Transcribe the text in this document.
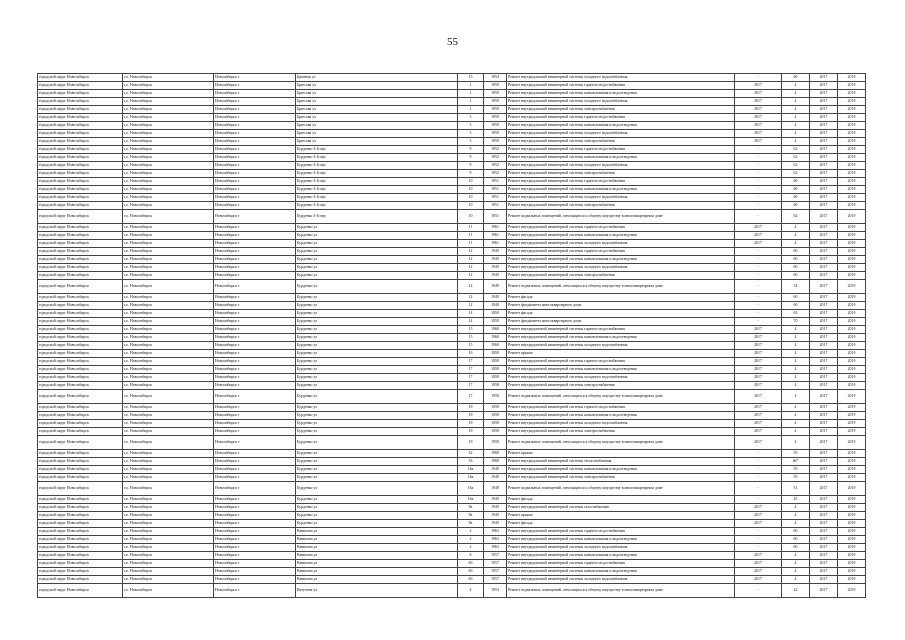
55
городской округ Новосибирск	г.о. Новосибирск	Новосибирск г	Бронная ул	15	1954	Ремонт внутридомовой инженерной системы холодного водоснабжения	-	60	2017	2019
городской округ Новосибирск	г.о. Новосибирск	Новосибирск г	Брюсова ул	1	1959	Ремонт внутридомовой инженерной системы горячего водоснабжения	2017	4	2017	2019
городской округ Новосибирск	г.о. Новосибирск	Новосибирск г	Брюсова ул	1	1959	Ремонт внутридомовой инженерной системы канализования и водоотведения	2017	4	2017	2019
городской округ Новосибирск	г.о. Новосибирск	Новосибирск г	Брюсова ул	1	1959	Ремонт внутридомовой инженерной системы холодного водоснабжения	2017	4	2017	2019
городской округ Новосибирск	г.о. Новосибирск	Новосибирск г	Брюсова ул	1	1959	Ремонт внутридомовой инженерной системы электроснабжения	2017	4	2017	2019
городской округ Новосибирск	г.о. Новосибирск	Новосибирск г	Брюсова ул	3	1959	Ремонт внутридомовой инженерной системы горячего водоснабжения	2017	4	2017	2019
городской округ Новосибирск	г.о. Новосибирск	Новосибирск г	Брюсова ул	3	1959	Ремонт внутридомовой инженерной системы канализования и водоотведения	2017	4	2017	2019
городской округ Новосибирск	г.о. Новосибирск	Новосибирск г	Брюсова ул	3	1959	Ремонт внутридомовой инженерной системы холодного водоснабжения	2017	4	2017	2019
городской округ Новосибирск	г.о. Новосибирск	Новосибирск г	Брюсова ул	3	1959	Ремонт внутридомовой инженерной системы электроснабжения	2017	4	2017	2019
городской округ Новосибирск	г.о. Новосибирск	Новосибирск г	Бурденко 3-й пер	9	1952	Ремонт внутридомовой инженерной системы горячего водоснабжения	-	62	2017	2019
городской округ Новосибирск	г.о. Новосибирск	Новосибирск г	Бурденко 3-й пер	9	1952	Ремонт внутридомовой инженерной системы канализования и водоотведения	-	62	2017	2019
городской округ Новосибирск	г.о. Новосибирск	Новосибирск г	Бурденко 3-й пер	9	1952	Ремонт внутридомовой инженерной системы холодного водоснабжения	-	62	2017	2019
городской округ Новосибирск	г.о. Новосибирск	Новосибирск г	Бурденко 3-й пер	9	1952	Ремонт внутридомовой инженерной системы электроснабжения	-	62	2017	2019
городской округ Новосибирск	г.о. Новосибирск	Новосибирск г	Бурденко 3-й пер	10	1951	Ремонт внутридомовой инженерной системы горячего водоснабжения	-	60	2017	2019
городской округ Новосибирск	г.о. Новосибирск	Новосибирск г	Бурденко 3-й пер	10	1951	Ремонт внутридомовой инженерной системы канализования и водоотведения	-	60	2017	2019
городской округ Новосибирск	г.о. Новосибирск	Новосибирск г	Бурденко 3-й пер	10	1951	Ремонт внутридомовой инженерной системы холодного водоснабжения	-	60	2017	2019
городской округ Новосибирск	г.о. Новосибирск	Новосибирск г	Бурденко 3-й пер	10	1951	Ремонт внутридомовой инженерной системы электроснабжения	-	60	2017	2019
городской округ Новосибирск	г.о. Новосибирск	Новосибирск г	Бурденко 3-й пер	10	1951	Ремонт подвальных помещений, относящихся к общему имуществу в многоквартирном доме	-	62	2017	2019
городской округ Новосибирск	г.о. Новосибирск	Новосибирск г	Бурденко ул	11	1961	Ремонт внутридомовой инженерной системы горячего водоснабжения	2017	4	2017	2019
городской округ Новосибирск	г.о. Новосибирск	Новосибирск г	Бурденко ул	11	1961	Ремонт внутридомовой инженерной системы канализования и водоотведения	2017	4	2017	2019
городской округ Новосибирск	г.о. Новосибирск	Новосибирск г	Бурденко ул	11	1961	Ремонт внутридомовой инженерной системы холодного водоснабжения	2017	4	2017	2019
городской округ Новосибирск	г.о. Новосибирск	Новосибирск г	Бурденко ул	12	1949	Ремонт внутридомовой инженерной системы горячего водоснабжения	-	60	2017	2019
городской округ Новосибирск	г.о. Новосибирск	Новосибирск г	Бурденко ул	12	1949	Ремонт внутридомовой инженерной системы канализования и водоотведения	-	60	2017	2019
городской округ Новосибирск	г.о. Новосибирск	Новосибирск г	Бурденко ул	12	1949	Ремонт внутридомовой инженерной системы холодного водоснабжения	-	60	2017	2019
городской округ Новосибирск	г.о. Новосибирск	Новосибирск г	Бурденко ул	12	1949	Ремонт внутридомовой инженерной системы электроснабжения	-	60	2017	2019
городской округ Новосибирск	г.о. Новосибирск	Новосибирск г	Бурденко ул	12	1949	Ремонт подвальных помещений, относящихся к общему имуществу в многоквартирном доме	-	54	2017	2019
городской округ Новосибирск	г.о. Новосибирск	Новосибирск г	Бурденко ул	12	1949	Ремонт фасада	-	60	2017	2019
городской округ Новосибирск	г.о. Новосибирск	Новосибирск г	Бурденко ул	12	1949	Ремонт фундамента многоквартирного дома	-	60	2017	2019
городской округ Новосибирск	г.о. Новосибирск	Новосибирск г	Бурденко ул	14	1950	Ремонт фасада	-	63	2017	2019
городской округ Новосибирск	г.о. Новосибирск	Новосибирск г	Бурденко ул	14	1950	Ремонт фундамента многоквартирного дома	-	70	2017	2019
городской округ Новосибирск	г.о. Новосибирск	Новосибирск г	Бурденко ул	15	1960	Ремонт внутридомовой инженерной системы горячего водоснабжения	2017	4	2017	2019
городской округ Новосибирск	г.о. Новосибирск	Новосибирск г	Бурденко ул	15	1960	Ремонт внутридомовой инженерной системы канализования и водоотведения	2017	4	2017	2019
городской округ Новосибирск	г.о. Новосибирск	Новосибирск г	Бурденко ул	15	1960	Ремонт внутридомовой инженерной системы холодного водоснабжения	2017	4	2017	2019
городской округ Новосибирск	г.о. Новосибирск	Новосибирск г	Бурденко ул	16	1950	Ремонт крыши	2017	4	2017	2019
городской округ Новосибирск	г.о. Новосибирск	Новосибирск г	Бурденко ул	17	1958	Ремонт внутридомовой инженерной системы горячего водоснабжения	2017	4	2017	2019
городской округ Новосибирск	г.о. Новосибирск	Новосибирск г	Бурденко ул	17	1958	Ремонт внутридомовой инженерной системы канализования и водоотведения	2017	4	2017	2019
городской округ Новосибирск	г.о. Новосибирск	Новосибирск г	Бурденко ул	17	1958	Ремонт внутридомовой инженерной системы холодного водоснабжения	2017	4	2017	2019
городской округ Новосибирск	г.о. Новосибирск	Новосибирск г	Бурденко ул	17	1958	Ремонт внутридомовой инженерной системы электроснабжения	2017	4	2017	2019
городской округ Новосибирск	г.о. Новосибирск	Новосибирск г	Бурденко ул	17	1958	Ремонт подвальных помещений, относящихся к общему имуществу в многоквартирном доме	2017	4	2017	2019
городской округ Новосибирск	г.о. Новосибирск	Новосибирск г	Бурденко ул	19	1958	Ремонт внутридомовой инженерной системы горячего водоснабжения	2017	4	2017	2019
городской округ Новосибирск	г.о. Новосибирск	Новосибирск г	Бурденко ул	19	1958	Ремонт внутридомовой инженерной системы канализования и водоотведения	2017	4	2017	2019
городской округ Новосибирск	г.о. Новосибирск	Новосибирск г	Бурденко ул	19	1958	Ремонт внутридомовой инженерной системы холодного водоснабжения	2017	4	2017	2019
городской округ Новосибирск	г.о. Новосибирск	Новосибирск г	Бурденко ул	19	1958	Ремонт внутридомовой инженерной системы электроснабжения	2017	4	2017	2019
городской округ Новосибирск	г.о. Новосибирск	Новосибирск г	Бурденко ул	19	1958	Ремонт подвальных помещений, относящихся к общему имуществу в многоквартирном доме	2017	4	2017	2019
городской округ Новосибирск	г.о. Новосибирск	Новосибирск г	Бурденко ул	32	1988	Ремонт крыши	-	55	2017	2019
городской округ Новосибирск	г.о. Новосибирск	Новосибирск г	Бурденко ул	33	1988	Ремонт внутридомовой инженерной системы теплоснабжения	-	46*	2017	2019
городской округ Новосибирск	г.о. Новосибирск	Новосибирск г	Бурденко ул	16а	1949	Ремонт внутридомовой инженерной системы канализования и водоотведения	-	55	2017	2019
городской округ Новосибирск	г.о. Новосибирск	Новосибирск г	Бурденко ул	16а	1949	Ремонт внутридомовой инженерной системы электроснабжения	-	55	2017	2019
городской округ Новосибирск	г.о. Новосибирск	Новосибирск г	Бурденко ул	16а	1949	Ремонт подвальных помещений, относящихся к общему имуществу в многоквартирном доме	-	51	2017	2019
городской округ Новосибирск	г.о. Новосибирск	Новосибирск г	Бурденко ул	16а	1949	Ремонт фасада	-	45	2017	2019
городской округ Новосибирск	г.о. Новосибирск	Новосибирск г	Бурденко ул	8а	1949	Ремонт внутридомовой инженерной системы газоснабжения	2017	4	2017	2019
городской округ Новосибирск	г.о. Новосибирск	Новосибирск г	Бурденко ул	8а	1949	Ремонт крыши	2017	4	2017	2019
городской округ Новосибирск	г.о. Новосибирск	Новосибирск г	Бурденко ул	8а	1949	Ремонт фасада	2017	4	2017	2019
городской округ Новосибирск	г.о. Новосибирск	Новосибирск г	Вавилова ул	2	1963	Ремонт внутридомовой инженерной системы горячего водоснабжения	-	60	2017	2019
городской округ Новосибирск	г.о. Новосибирск	Новосибирск г	Вавилова ул	2	1963	Ремонт внутридомовой инженерной системы канализования и водоотведения	-	60	2017	2019
городской округ Новосибирск	г.о. Новосибирск	Новосибирск г	Вавилова ул	2	1963	Ремонт внутридомовой инженерной системы холодного водоснабжения	-	60	2017	2019
городской округ Новосибирск	г.о. Новосибирск	Новосибирск г	Вавилова ул	6	1957	Ремонт внутридомовой инженерной системы канализования и водоотведения	2017	4	2017	2019
городской округ Новосибирск	г.о. Новосибирск	Новосибирск г	Вавилова ул	6б	1957	Ремонт внутридомовой инженерной системы горячего водоснабжения	2017	4	2017	2019
городской округ Новосибирск	г.о. Новосибирск	Новосибирск г	Вавилова ул	6б	1957	Ремонт внутридомовой инженерной системы канализования и водоотведения	2017	4	2017	2019
городской округ Новосибирск	г.о. Новосибирск	Новосибирск г	Вавилова ул	6б	1957	Ремонт внутридомовой инженерной системы холодного водоснабжения	2017	4	2017	2019
городской округ Новосибирск	г.о. Новосибирск	Новосибирск г	Ватутина ул	4	1954	Ремонт подвальных помещений, относящихся к общему имуществу в многоквартирном доме	-	42	2017	2019
